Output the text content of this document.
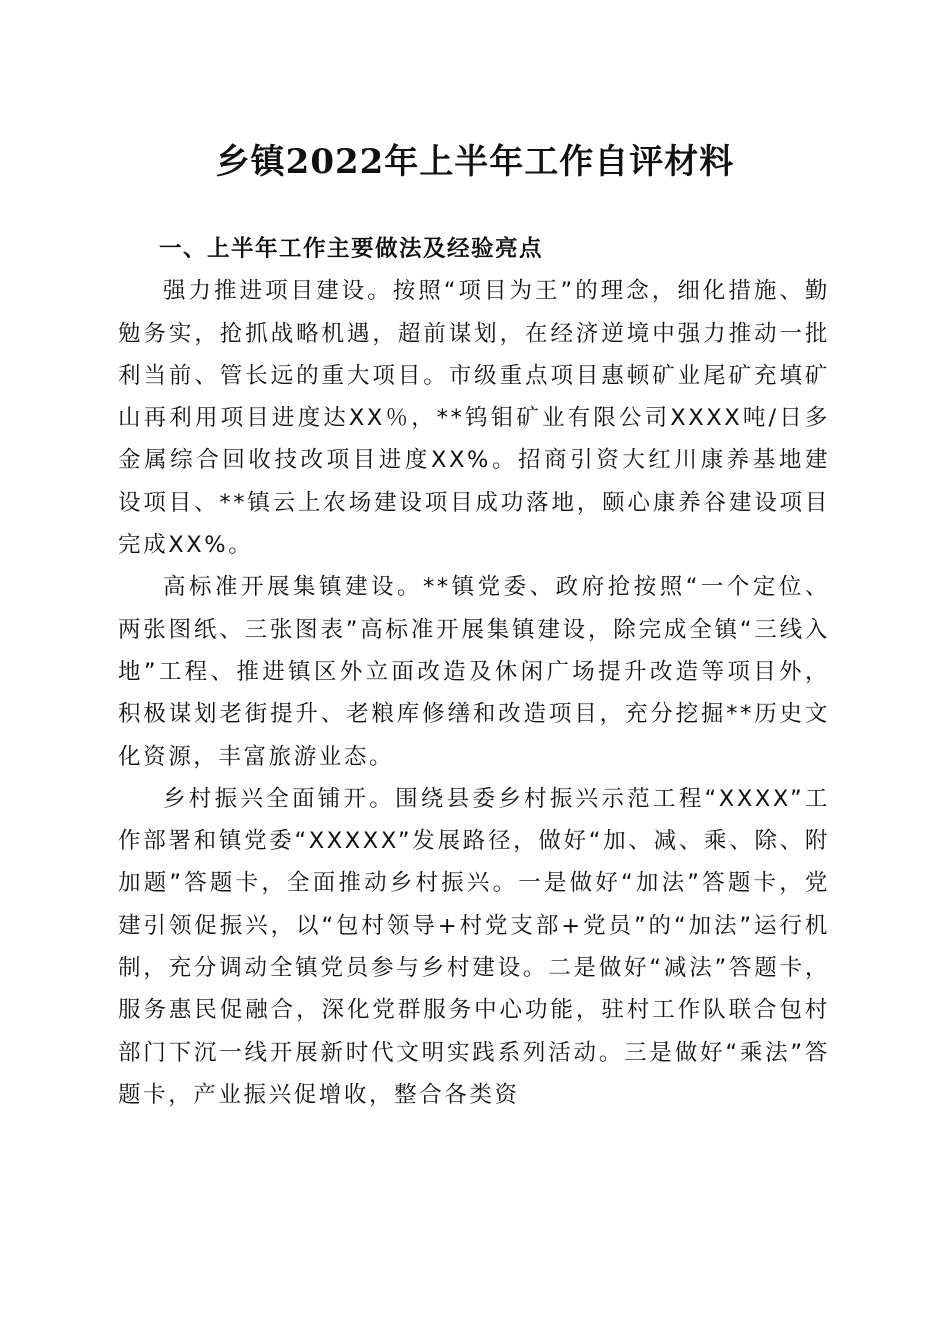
乡镇2022年上半年工作自评材料
一、上半年工作主要做法及经验亮点

强力推进项目建设。按照“项目为王”的理念，细化措施、勤勉务实，抢抓战略机遇，超前谋划，在经济逆境中强力推动一批利当前、管长远的重大项目。市级重点项目惠顿矿业尾矿充填矿山再利用项目进度达XX％，**钨钼矿业有限公司XXXX吨/日多金属综合回收技改项目进度XX%。招商引资大红川康养基地建设项目、**镇云上农场建设项目成功落地，颐心康养谷建设项目完成XX%。

高标准开展集镇建设。**镇党委、政府抢按照“一个定位、两张图纸、三张图表”高标准开展集镇建设，除完成全镇“三线入地”工程、推进镇区外立面改造及休闲广场提升改造等项目外，积极谋划老街提升、老粮库修缮和改造项目，充分挖掘**历史文化资源，丰富旅游业态。

乡村振兴全面铺开。围绕县委乡村振兴示范工程“XXXX”工作部署和镇党委“XXXXX”发展路径，做好“加、减、乘、除、附加题”答题卡，全面推动乡村振兴。一是做好“加法”答题卡，党建引领促振兴，以“包村领导+村党支部+党员”的“加法”运行机制，充分调动全镇党员参与乡村建设。二是做好“减法”答题卡，服务惠民促融合，深化党群服务中心功能，驻村工作队联合包村部门下沉一线开展新时代文明实践系列活动。三是做好“乘法”答题卡，产业振兴促增收，整合各类资
